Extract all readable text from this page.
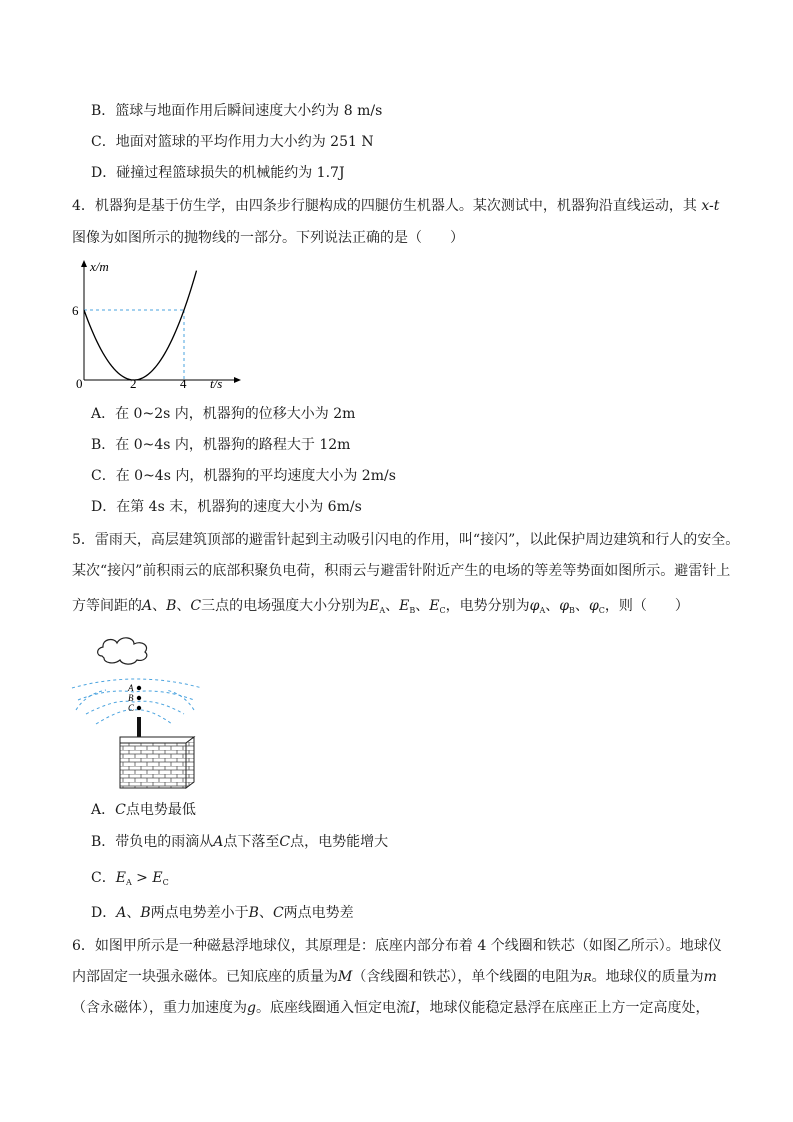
B．篮球与地面作用后瞬间速度大小约为 8 m/s
C．地面对篮球的平均作用力大小约为 251 N
D．碰撞过程篮球损失的机械能约为 1.7J
4．机器狗是基于仿生学，由四条步行腿构成的四腿仿生机器人。某次测试中，机器狗沿直线运动，其 x-t
图像为如图所示的抛物线的一部分。下列说法正确的是（　　）
x/m
t/s
0
6
2	4
A．在 0~2s 内，机器狗的位移大小为 2m
B．在 0~4s 内，机器狗的路程大于 12m
C．在 0~4s 内，机器狗的平均速度大小为 2m/s
D．在第 4s 末，机器狗的速度大小为 6m/s
5．雷雨天，高层建筑顶部的避雷针起到主动吸引闪电的作用，叫“接闪”，以此保护周边建筑和行人的安全。
某次“接闪”前积雨云的底部积聚负电荷，积雨云与避雷针附近产生的电场的等差等势面如图所示。避雷针上
方等间距的A、B、C三点的电场强度大小分别为$E_A$、$E_B$、$E_C$，电势分别为$\varphi_A$、$\varphi_B$、$\varphi_C$，则（　　）
A
B
C
A．C点电势最低
B．带负电的雨滴从A点下落至C点，电势能增大
C．$E_A > E_C$
D．A、B两点电势差小于B、C两点电势差
6．如图甲所示是一种磁悬浮地球仪，其原理是：底座内部分布着 4 个线圈和铁芯（如图乙所示）。地球仪
内部固定一块强永磁体。已知底座的质量为M（含线圈和铁芯），单个线圈的电阻为R。地球仪的质量为m
（含永磁体），重力加速度为g。底座线圈通入恒定电流I，地球仪能稳定悬浮在底座正上方一定高度处，
